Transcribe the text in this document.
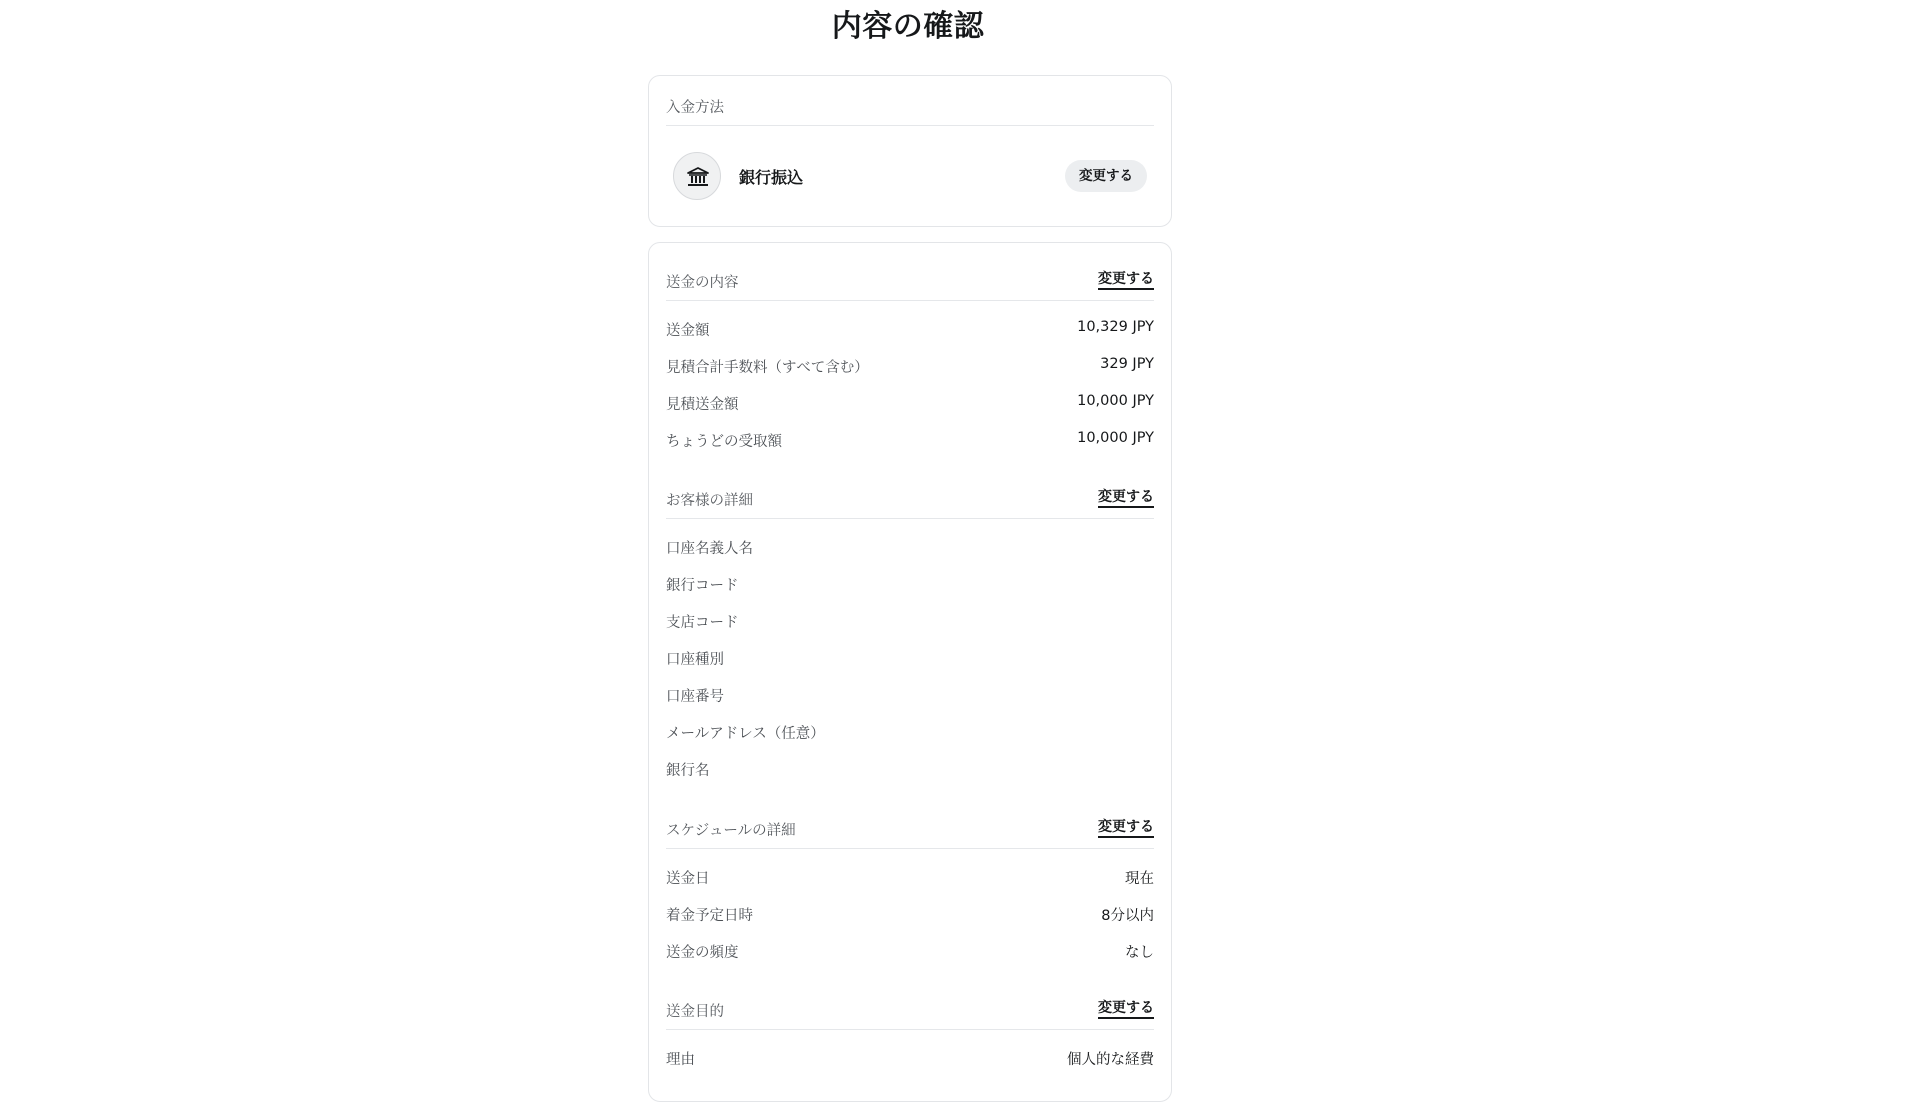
内容の確認
入金方法
銀行振込	変更する
送金の内容	変更する
送金額	10,329 JPY
見積合計手数料（すべて含む）	329 JPY
見積送金額	10,000 JPY
ちょうどの受取額	10,000 JPY
お客様の詳細	変更する
口座名義人名
銀行コード
支店コード
口座種別
口座番号
メールアドレス（任意）
銀行名
スケジュールの詳細	変更する
送金日	現在
着金予定日時	8分以内
送金の頻度	なし
送金目的	変更する
理由	個人的な経費
